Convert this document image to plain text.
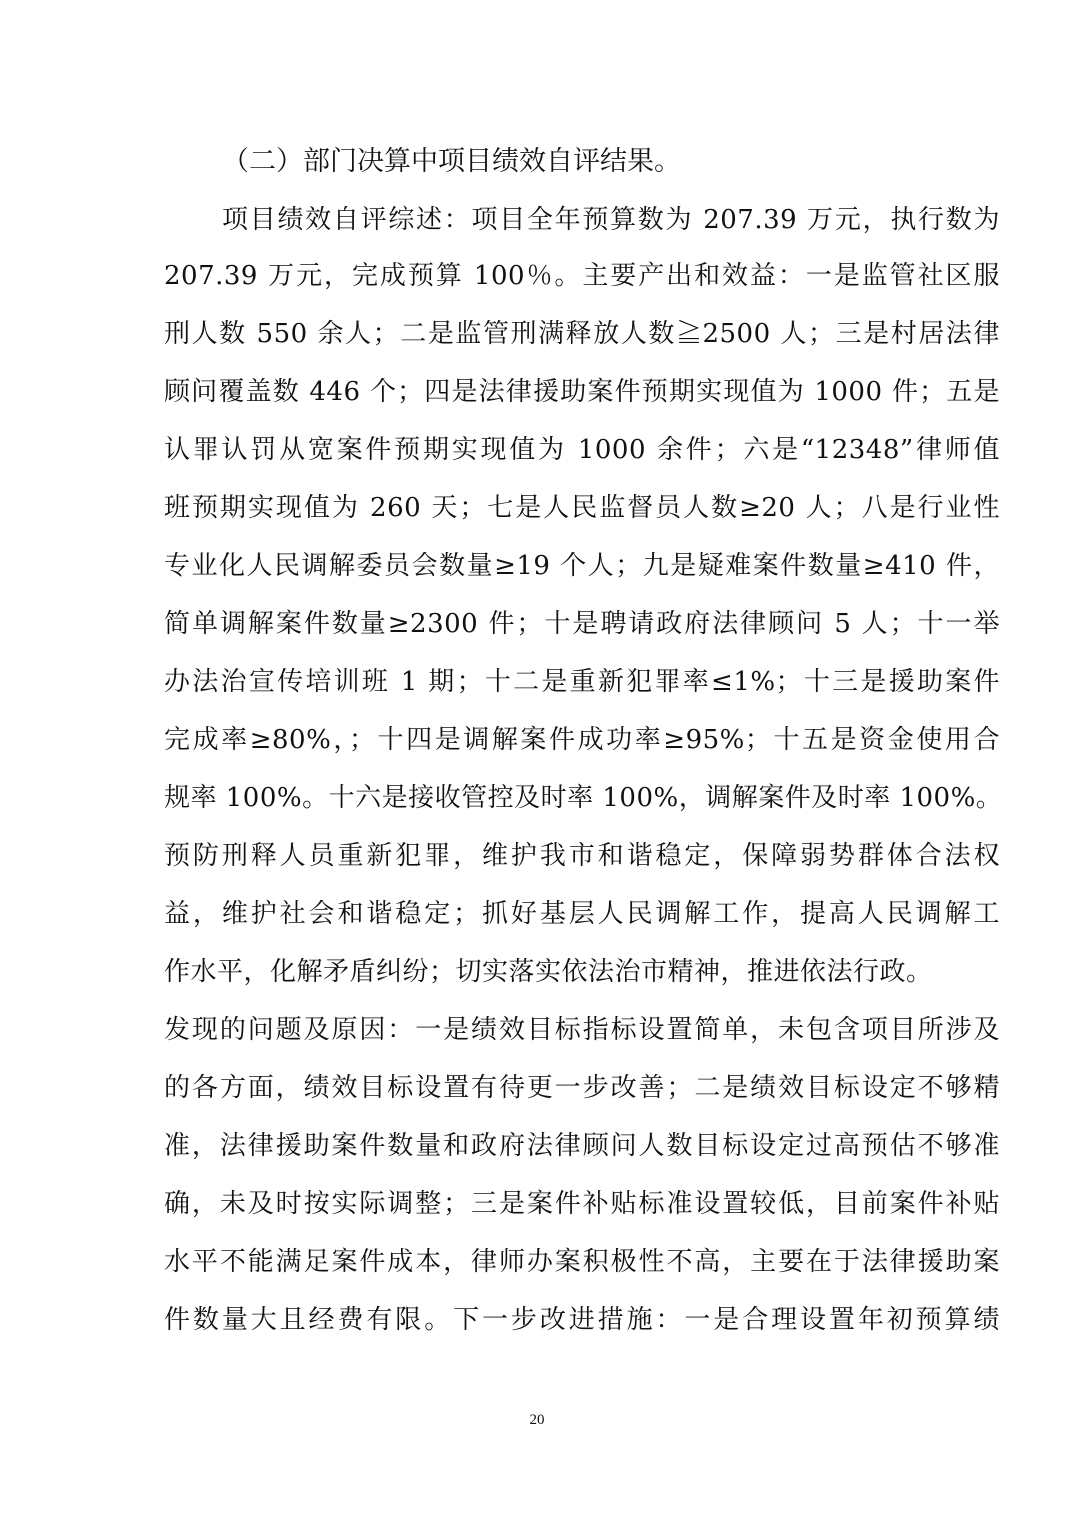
（二）部门决算中项目绩效自评结果。
项目绩效自评综述：项目全年预算数为 207.39 万元，执行数为
207.39 万元，完成预算 100％。主要产出和效益：一是监管社区服
刑人数 550 余人；二是监管刑满释放人数≧2500 人；三是村居法律
顾问覆盖数 446 个；四是法律援助案件预期实现值为 1000 件；五是
认罪认罚从宽案件预期实现值为 1000 余件；六是“12348”律师值
班预期实现值为 260 天；七是人民监督员人数≥20 人；八是行业性
专业化人民调解委员会数量≥19 个人；九是疑难案件数量≥410 件，
简单调解案件数量≥2300 件；十是聘请政府法律顾问 5 人；十一举
办法治宣传培训班 1 期；十二是重新犯罪率≤1%；十三是援助案件
完成率≥80%，；十四是调解案件成功率≥95%；十五是资金使用合
规率 100%。十六是接收管控及时率 100%，调解案件及时率 100%。
预防刑释人员重新犯罪，维护我市和谐稳定，保障弱势群体合法权
益，维护社会和谐稳定；抓好基层人民调解工作，提高人民调解工
作水平，化解矛盾纠纷；切实落实依法治市精神，推进依法行政。
发现的问题及原因：一是绩效目标指标设置简单，未包含项目所涉及
的各方面，绩效目标设置有待更一步改善；二是绩效目标设定不够精
准，法律援助案件数量和政府法律顾问人数目标设定过高预估不够准
确，未及时按实际调整；三是案件补贴标准设置较低，目前案件补贴
水平不能满足案件成本，律师办案积极性不高，主要在于法律援助案
件数量大且经费有限。下一步改进措施：一是合理设置年初预算绩
20
